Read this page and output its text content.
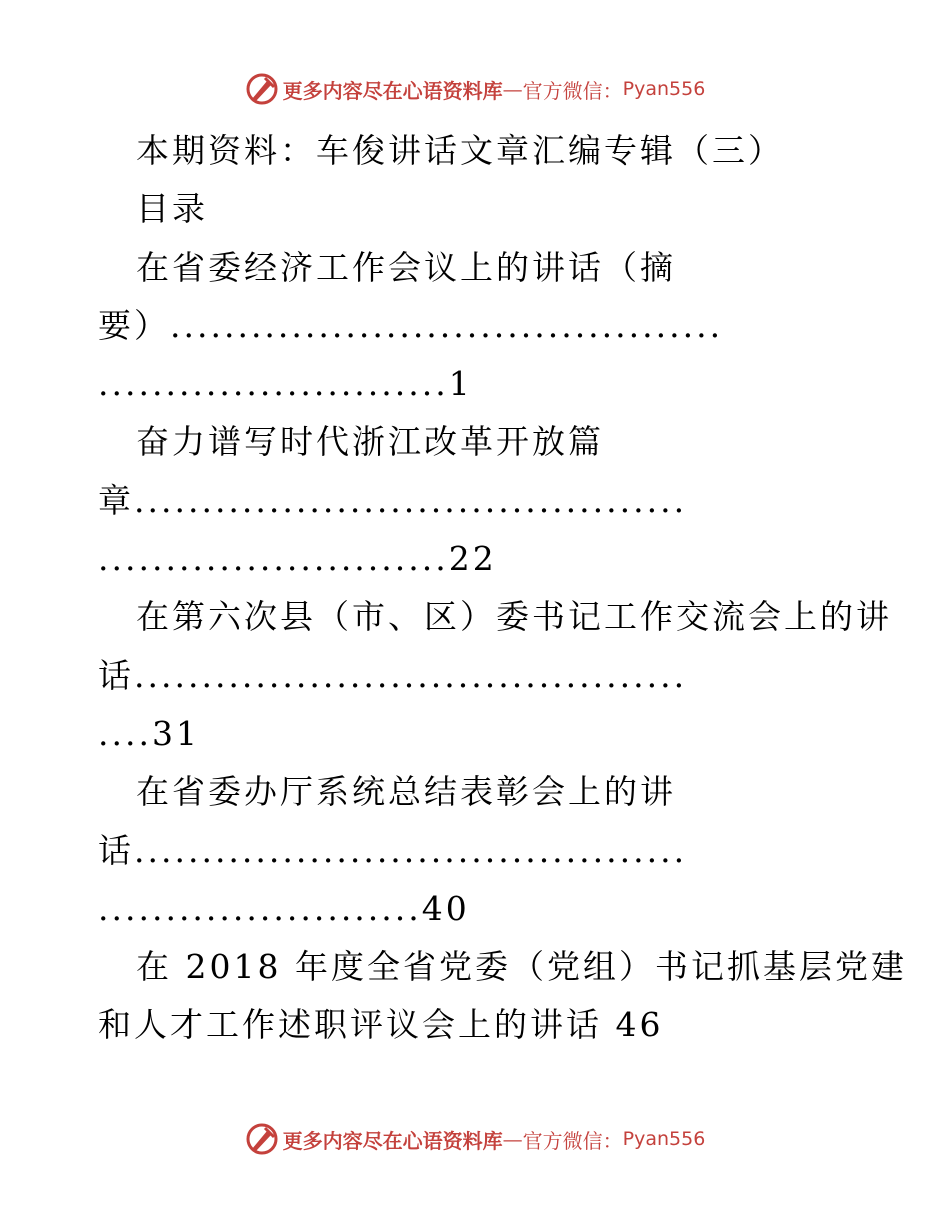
更多内容尽在心语资料库 — 官方微信： Pyan556
本期资料：车俊讲话文章汇编专辑（三）
目录
在省委经济工作会议上的讲话（摘
要）.........................................
..........................1
奋力谱写时代浙江改革开放篇
章.........................................
..........................22
在第六次县（市、区）委书记工作交流会上的讲
话.........................................
....31
在省委办厅系统总结表彰会上的讲
话.........................................
........................40
在 2018 年度全省党委（党组）书记抓基层党建
和人才工作述职评议会上的讲话 46
更多内容尽在心语资料库 — 官方微信： Pyan556
